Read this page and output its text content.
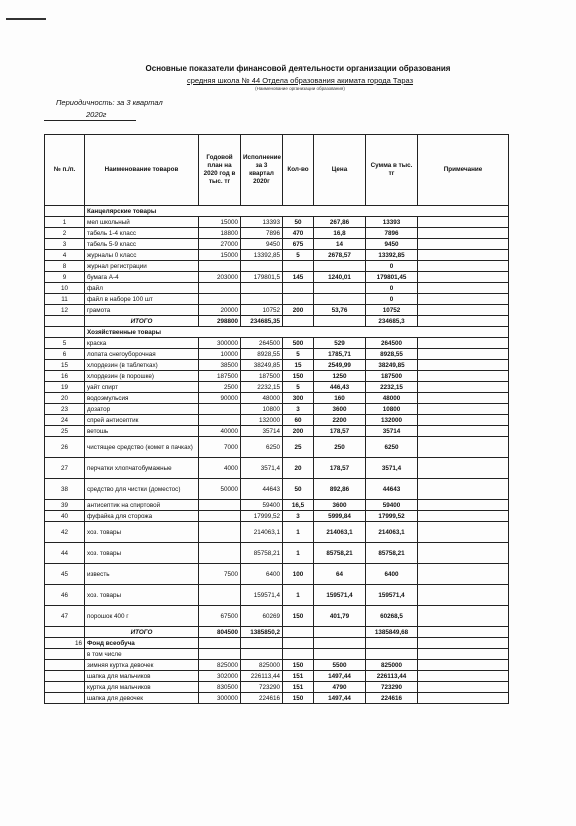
Основные показатели финансовой деятельности организации образования
средняя школа № 44 Отдела образования акимата города Тараз
(Наименование организации образования)
Периодичность: за 3 квартал
2020г
№ п./п.	Наименование товаров	Годовой план на 2020 год в тыс. тг	Исполнение за 3 квартал 2020г	Кол-во	Цена	Сумма в тыс. тг	Примечание
	Канцелярские товары						
1	мел школьный	15000	13393	50	267,86	13393	
2	табель 1-4 класс	18800	7896	470	16,8	7896	
3	табель 5-9 класс	27000	9450	675	14	9450	
4	журналы 0 класс	15000	13392,85	5	2678,57	13392,85	
8	журнал регистрации					0	
9	бумага А-4	203000	179801,5	145	1240,01	179801,45	
10	файл					0	
11	файл в наборе 100 шт					0	
12	грамота	20000	10752	200	53,76	10752	
	ИТОГО	298800	234685,35			234685,3	
	Хозяйственные товары						
5	краска	300000	264500	500	529	264500	
6	лопата снегоуборочная	10000	8928,55	5	1785,71	8928,55	
15	хлордезин (в таблетках)	38500	38249,85	15	2549,99	38249,85	
16	хлордезин (в порошке)	187500	187500	150	1250	187500	
19	уайт спирт	2500	2232,15	5	446,43	2232,15	
20	водоэмульсия	90000	48000	300	160	48000	
23	дозатор		10800	3	3600	10800	
24	спрей антисептик		132000	60	2200	132000	
25	ветошь	40000	35714	200	178,57	35714	
26	чистящее средство (комет в пачках)	7000	6250	25	250	6250	
27	перчатки хлопчатобумажные	4000	3571,4	20	178,57	3571,4	
38	средство для чистки (доместос)	50000	44643	50	892,86	44643	
39	антисептик на спиртовой		59400	16,5	3600	59400	
40	фуфайка для сторожа		17999,52	3	5999,84	17999,52	
42	хоз. товары		214063,1	1	214063,1	214063,1	
44	хоз. товары		85758,21	1	85758,21	85758,21	
45	известь	7500	6400	100	64	6400	
46	хоз. товары		159571,4	1	159571,4	159571,4	
47	порошок 400 г	67500	60269	150	401,79	60268,5	
	ИТОГО	804500	1385850,2			1385849,68	
16	Фонд всеобуча						
	в том числе						
	зимняя куртка девочек	825000	825000	150	5500	825000	
	шапка для мальчиков	302000	226113,44	151	1497,44	226113,44	
	куртка для мальчиков	830500	723290	151	4790	723290	
	шапка для девочек	300000	224616	150	1497,44	224616	
